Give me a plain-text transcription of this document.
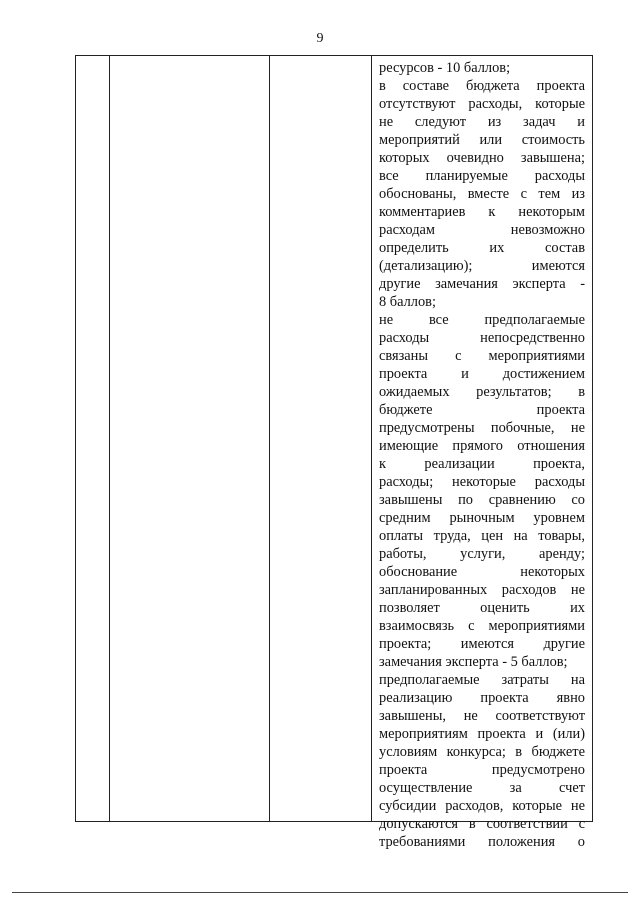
9
ресурсов - 10 баллов;
в составе бюджета проекта
отсутствуют расходы, которые
не следуют из задач и
мероприятий или стоимость
которых очевидно завышена;
все планируемые расходы
обоснованы, вместе с тем из
комментариев к некоторым
расходам невозможно
определить их состав
(детализацию); имеются
другие замечания эксперта -
8 баллов;
не все предполагаемые
расходы непосредственно
связаны с мероприятиями
проекта и достижением
ожидаемых результатов; в
бюджете проекта
предусмотрены побочные, не
имеющие прямого отношения
к реализации проекта,
расходы; некоторые расходы
завышены по сравнению со
средним рыночным уровнем
оплаты труда, цен на товары,
работы, услуги, аренду;
обоснование некоторых
запланированных расходов не
позволяет оценить их
взаимосвязь с мероприятиями
проекта; имеются другие
замечания эксперта - 5 баллов;
предполагаемые затраты на
реализацию проекта явно
завышены, не соответствуют
мероприятиям проекта и (или)
условиям конкурса; в бюджете
проекта предусмотрено
осуществление за счет
субсидии расходов, которые не
допускаются в соответствии с
требованиями положения о
